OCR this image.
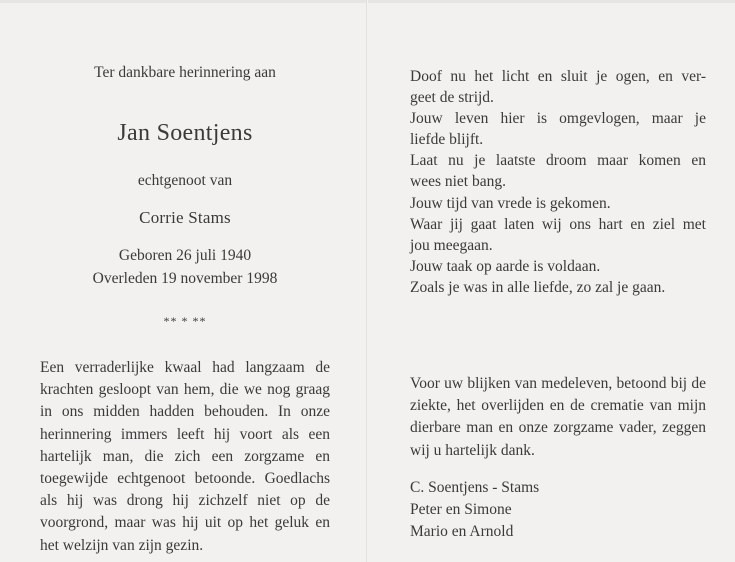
Ter dankbare herinnering aan
Jan Soentjens
echtgenoot van
Corrie Stams
Geboren 26 juli 1940
Overleden 19 november 1998
** * **

Een verraderlijke kwaal had langzaam de krachten gesloopt van hem, die we nog graag in ons midden hadden behouden. In onze herinnering immers leeft hij voort als een hartelijk man, die zich een zorgzame en toegewijde echtgenoot betoonde. Goedlachs als hij was drong hij zichzelf niet op de voorgrond, maar was hij uit op het geluk en het welzijn van zijn gezin.

Doof nu het licht en sluit je ogen, en ver-
geet de strijd.
Jouw leven hier is omgevlogen, maar je
liefde blijft.
Laat nu je laatste droom maar komen en
wees niet bang.
Jouw tijd van vrede is gekomen.
Waar jij gaat laten wij ons hart en ziel met
jou meegaan.
Jouw taak op aarde is voldaan.
Zoals je was in alle liefde, zo zal je gaan.

Voor uw blijken van medeleven, betoond bij de ziekte, het overlijden en de crematie van mijn dierbare man en onze zorgzame vader, zeggen wij u hartelijk dank.

C. Soentjens - Stams
Peter en Simone
Mario en Arnold
